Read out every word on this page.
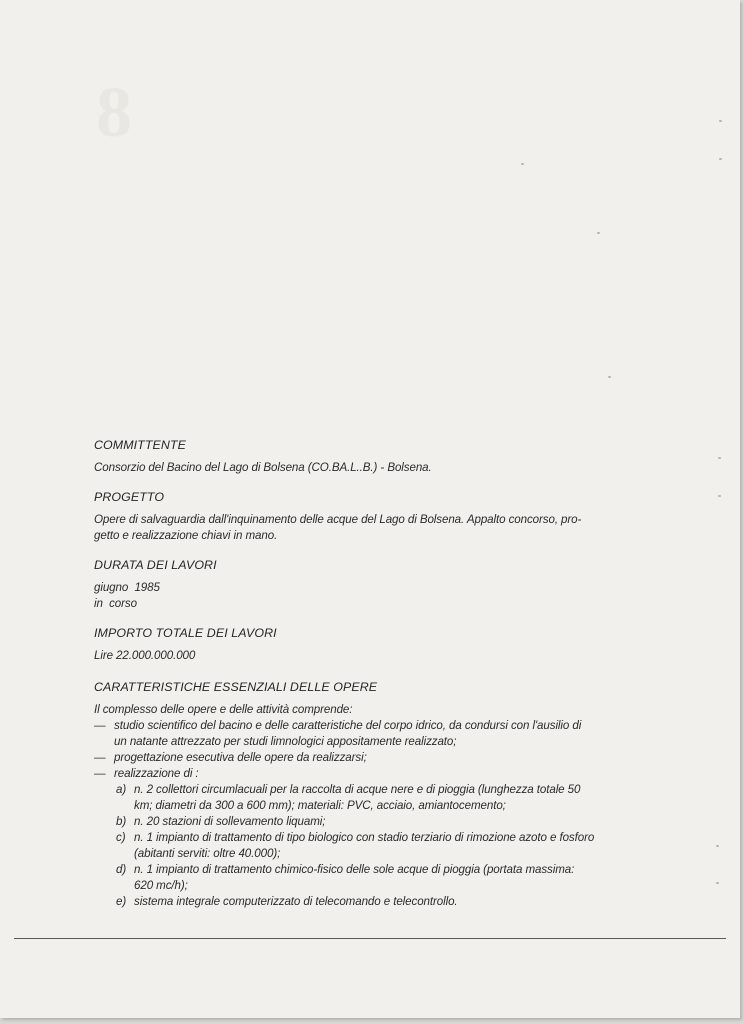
8
COMMITTENTE

Consorzio del Bacino del Lago di Bolsena (CO.BA.L..B.) - Bolsena.

PROGETTO
Opere di salvaguardia dall'inquinamento delle acque del Lago di Bolsena. Appalto concorso, pro-
getto e realizzazione chiavi in mano.
DURATA DEI LAVORI
giugno  1985
in  corso
IMPORTO TOTALE DEI LAVORI

Lire 22.000.000.000

CARATTERISTICHE ESSENZIALI DELLE OPERE
Il complesso delle opere e delle attività comprende:
— studio scientifico del bacino e delle caratteristiche del corpo idrico, da condursi con l'ausilio di
un natante attrezzato per studi limnologici appositamente realizzato;
— progettazione esecutiva delle opere da realizzarsi;
— realizzazione di :
a) n. 2 collettori circumlacuali per la raccolta di acque nere e di pioggia (lunghezza totale 50
km; diametri da 300 a 600 mm); materiali: PVC, acciaio, amiantocemento;
b) n. 20 stazioni di sollevamento liquami;
c) n. 1 impianto di trattamento di tipo biologico con stadio terziario di rimozione azoto e fosforo
(abitanti serviti: oltre 40.000);
d) n. 1 impianto di trattamento chimico-fisico delle sole acque di pioggia (portata massima:
620 mc/h);
e) sistema integrale computerizzato di telecomando e telecontrollo.
